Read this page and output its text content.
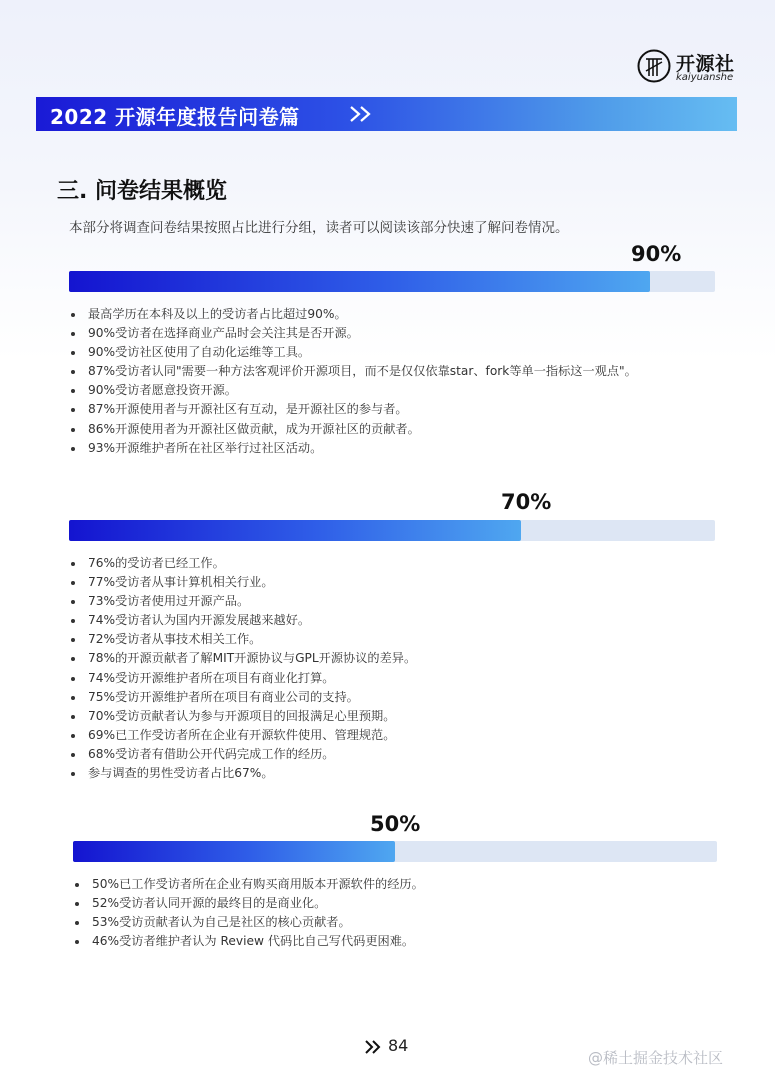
开源社
kaiyuanshe
2022 开源年度报告问卷篇
三. 问卷结果概览
本部分将调查问卷结果按照占比进行分组，读者可以阅读该部分快速了解问卷情况。
90%
最高学历在本科及以上的受访者占比超过90%。
90%受访者在选择商业产品时会关注其是否开源。
90%受访社区使用了自动化运维等工具。
87%受访者认同"需要一种方法客观评价开源项目，而不是仅仅依靠star、fork等单一指标这一观点"。
90%受访者愿意投资开源。
87%开源使用者与开源社区有互动，是开源社区的参与者。
86%开源使用者为开源社区做贡献，成为开源社区的贡献者。
93%开源维护者所在社区举行过社区活动。
70%
76%的受访者已经工作。
77%受访者从事计算机相关行业。
73%受访者使用过开源产品。
74%受访者认为国内开源发展越来越好。
72%受访者从事技术相关工作。
78%的开源贡献者了解MIT开源协议与GPL开源协议的差异。
74%受访开源维护者所在项目有商业化打算。
75%受访开源维护者所在项目有商业公司的支持。
70%受访贡献者认为参与开源项目的回报满足心里预期。
69%已工作受访者所在企业有开源软件使用、管理规范。
68%受访者有借助公开代码完成工作的经历。
参与调查的男性受访者占比67%。
50%
50%已工作受访者所在企业有购买商用版本开源软件的经历。
52%受访者认同开源的最终目的是商业化。
53%受访贡献者认为自己是社区的核心贡献者。
46%受访者维护者认为 Review 代码比自己写代码更困难。
84
@稀土掘金技术社区
